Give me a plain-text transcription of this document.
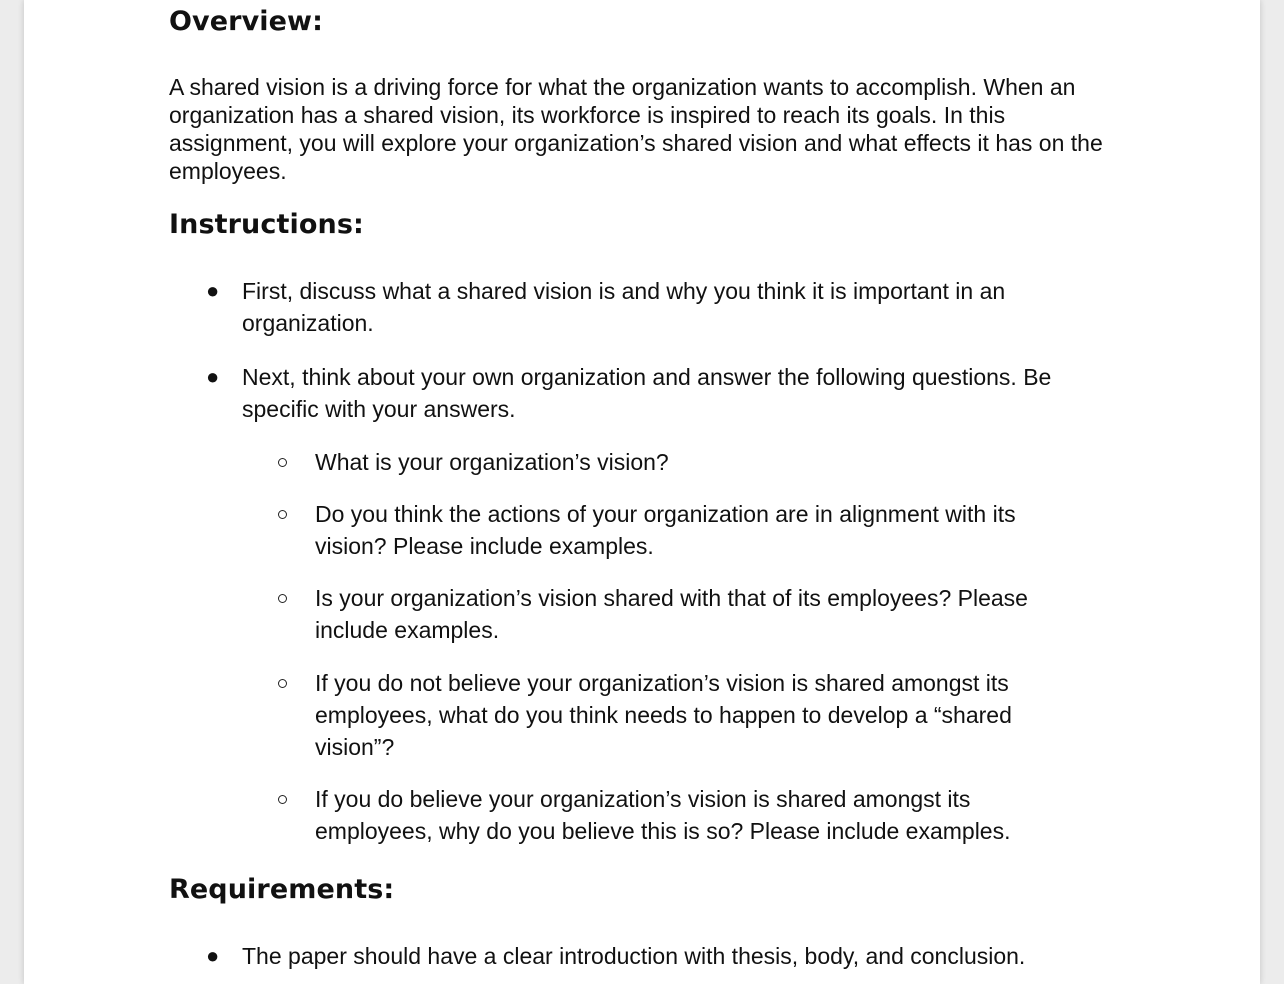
Overview:

A shared vision is a driving force for what the organization wants to accomplish. When an organization has a shared vision, its workforce is inspired to reach its goals. In this assignment, you will explore your organization’s shared vision and what effects it has on the employees.

Instructions:
● First, discuss what a shared vision is and why you think it is important in an organization.
● Next, think about your own organization and answer the following questions. Be specific with your answers.
What is your organization’s vision?
Do you think the actions of your organization are in alignment with its vision? Please include examples.
Is your organization’s vision shared with that of its employees? Please include examples.
If you do not believe your organization’s vision is shared amongst its employees, what do you think needs to happen to develop a “shared vision”?
If you do believe your organization’s vision is shared amongst its employees, why do you believe this is so? Please include examples.
Requirements:
● The paper should have a clear introduction with thesis, body, and conclusion.
